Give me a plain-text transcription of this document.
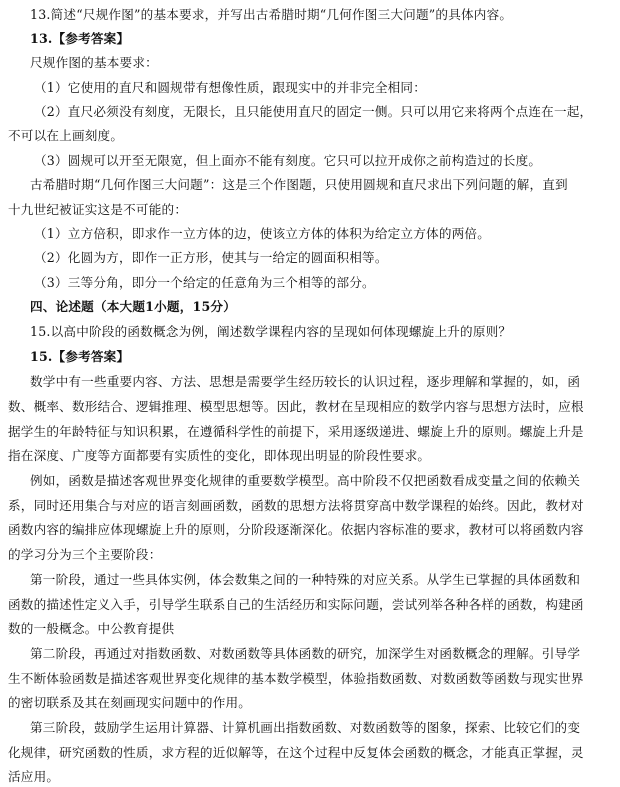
13.简述“尺规作图”的基本要求，并写出古希腊时期“几何作图三大问题”的具体内容。
13.【参考答案】
尺规作图的基本要求：
（1）它使用的直尺和圆规带有想像性质，跟现实中的并非完全相同：
（2）直尺必须没有刻度，无限长，且只能使用直尺的固定一侧。只可以用它来将两个点连在一起，
不可以在上画刻度。
（3）圆规可以开至无限宽，但上面亦不能有刻度。它只可以拉开成你之前构造过的长度。
古希腊时期“几何作图三大问题”：这是三个作图题，只使用圆规和直尺求出下列问题的解，直到
十九世纪被证实这是不可能的：
（1）立方倍积，即求作一立方体的边，使该立方体的体积为给定立方体的两倍。
（2）化圆为方，即作一正方形，使其与一给定的圆面积相等。
（3）三等分角，即分一个给定的任意角为三个相等的部分。
四、论述题（本大题1小题，15分）
15.以高中阶段的函数概念为例，阐述数学课程内容的呈现如何体现螺旋上升的原则？
15.【参考答案】
数学中有一些重要内容、方法、思想是需要学生经历较长的认识过程，逐步理解和掌握的，如，函
数、概率、数形结合、逻辑推理、模型思想等。因此，教材在呈现相应的数学内容与思想方法时，应根
据学生的年龄特征与知识积累，在遵循科学性的前提下，采用逐级递进、螺旋上升的原则。螺旋上升是
指在深度、广度等方面都要有实质性的变化，即体现出明显的阶段性要求。
例如，函数是描述客观世界变化规律的重要数学模型。高中阶段不仅把函数看成变量之间的依赖关
系，同时还用集合与对应的语言刻画函数，函数的思想方法将贯穿高中数学课程的始终。因此，教材对
函数内容的编排应体现螺旋上升的原则，分阶段逐渐深化。依据内容标准的要求，教材可以将函数内容
的学习分为三个主要阶段：
第一阶段，通过一些具体实例，体会数集之间的一种特殊的对应关系。从学生已掌握的具体函数和
函数的描述性定义入手，引导学生联系自己的生活经历和实际问题，尝试列举各种各样的函数，构建函
数的一般概念。中公教育提供
第二阶段，再通过对指数函数、对数函数等具体函数的研究，加深学生对函数概念的理解。引导学
生不断体验函数是描述客观世界变化规律的基本数学模型，体验指数函数、对数函数等函数与现实世界
的密切联系及其在刻画现实问题中的作用。
第三阶段，鼓励学生运用计算器、计算机画出指数函数、对数函数等的图象，探索、比较它们的变
化规律，研究函数的性质，求方程的近似解等，在这个过程中反复体会函数的概念，才能真正掌握，灵
活应用。
